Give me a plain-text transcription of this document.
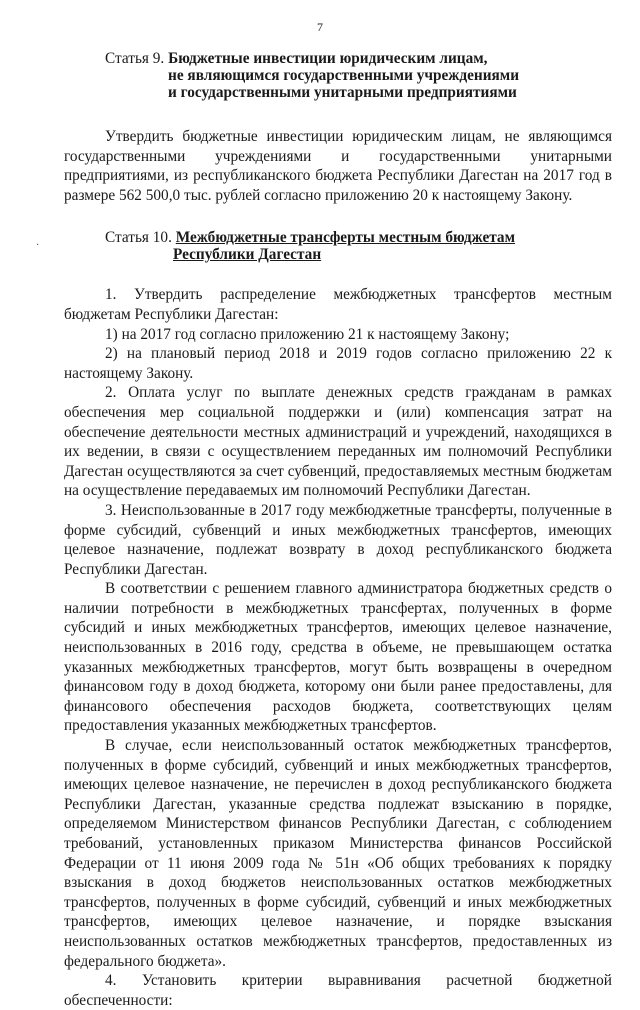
7
·
Статья 9. Бюджетные инвестиции юридическим лицам,
не являющимся государственными учреждениями
и государственными унитарными предприятиями

Утвердить бюджетные инвестиции юридическим лицам, не являющимся государственными учреждениями и государственными унитарными предприятиями, из республиканского бюджета Республики Дагестан на 2017 год в размере 562 500,0 тыс. рублей согласно приложению 20 к настоящему Закону.

Статья 10. Межбюджетные трансферты местным бюджетам
Республики Дагестан

1. Утвердить распределение межбюджетных трансфертов местным бюджетам Республики Дагестан:

1) на 2017 год согласно приложению 21 к настоящему Закону;

2) на плановый период 2018 и 2019 годов согласно приложению 22 к настоящему Закону.

2. Оплата услуг по выплате денежных средств гражданам в рамках обеспечения мер социальной поддержки и (или) компенсация затрат на обеспечение деятельности местных администраций и учреждений, находящихся в их ведении, в связи с осуществлением переданных им полномочий Республики Дагестан осуществляются за счет субвенций, предоставляемых местным бюджетам на осуществление передаваемых им полномочий Республики Дагестан.

3. Неиспользованные в 2017 году межбюджетные трансферты, полученные в форме субсидий, субвенций и иных межбюджетных трансфертов, имеющих целевое назначение, подлежат возврату в доход республиканского бюджета Республики Дагестан.

В соответствии с решением главного администратора бюджетных средств о наличии потребности в межбюджетных трансфертах, полученных в форме субсидий и иных межбюджетных трансфертов, имеющих целевое назначение, неиспользованных в 2016 году, средства в объеме, не превышающем остатка указанных межбюджетных трансфертов, могут быть возвращены в очередном финансовом году в доход бюджета, которому они были ранее предоставлены, для финансового обеспечения расходов бюджета, соответствующих целям предоставления указанных межбюджетных трансфертов.

В случае, если неиспользованный остаток межбюджетных трансфертов, полученных в форме субсидий, субвенций и иных межбюджетных трансфертов, имеющих целевое назначение, не перечислен в доход республиканского бюджета Республики Дагестан, указанные средства подлежат взысканию в порядке, определяемом Министерством финансов Республики Дагестан, с соблюдением требований, установленных приказом Министерства финансов Российской Федерации от 11 июня 2009 года № 51н «Об общих требованиях к порядку взыскания в доход бюджетов неиспользованных остатков межбюджетных трансфертов, полученных в форме субсидий, субвенций и иных межбюджетных трансфертов, имеющих целевое назначение, и порядке взыскания неиспользованных остатков межбюджетных трансфертов, предоставленных из федерального бюджета».

4. Установить критерии выравнивания расчетной бюджетной обеспеченности:
